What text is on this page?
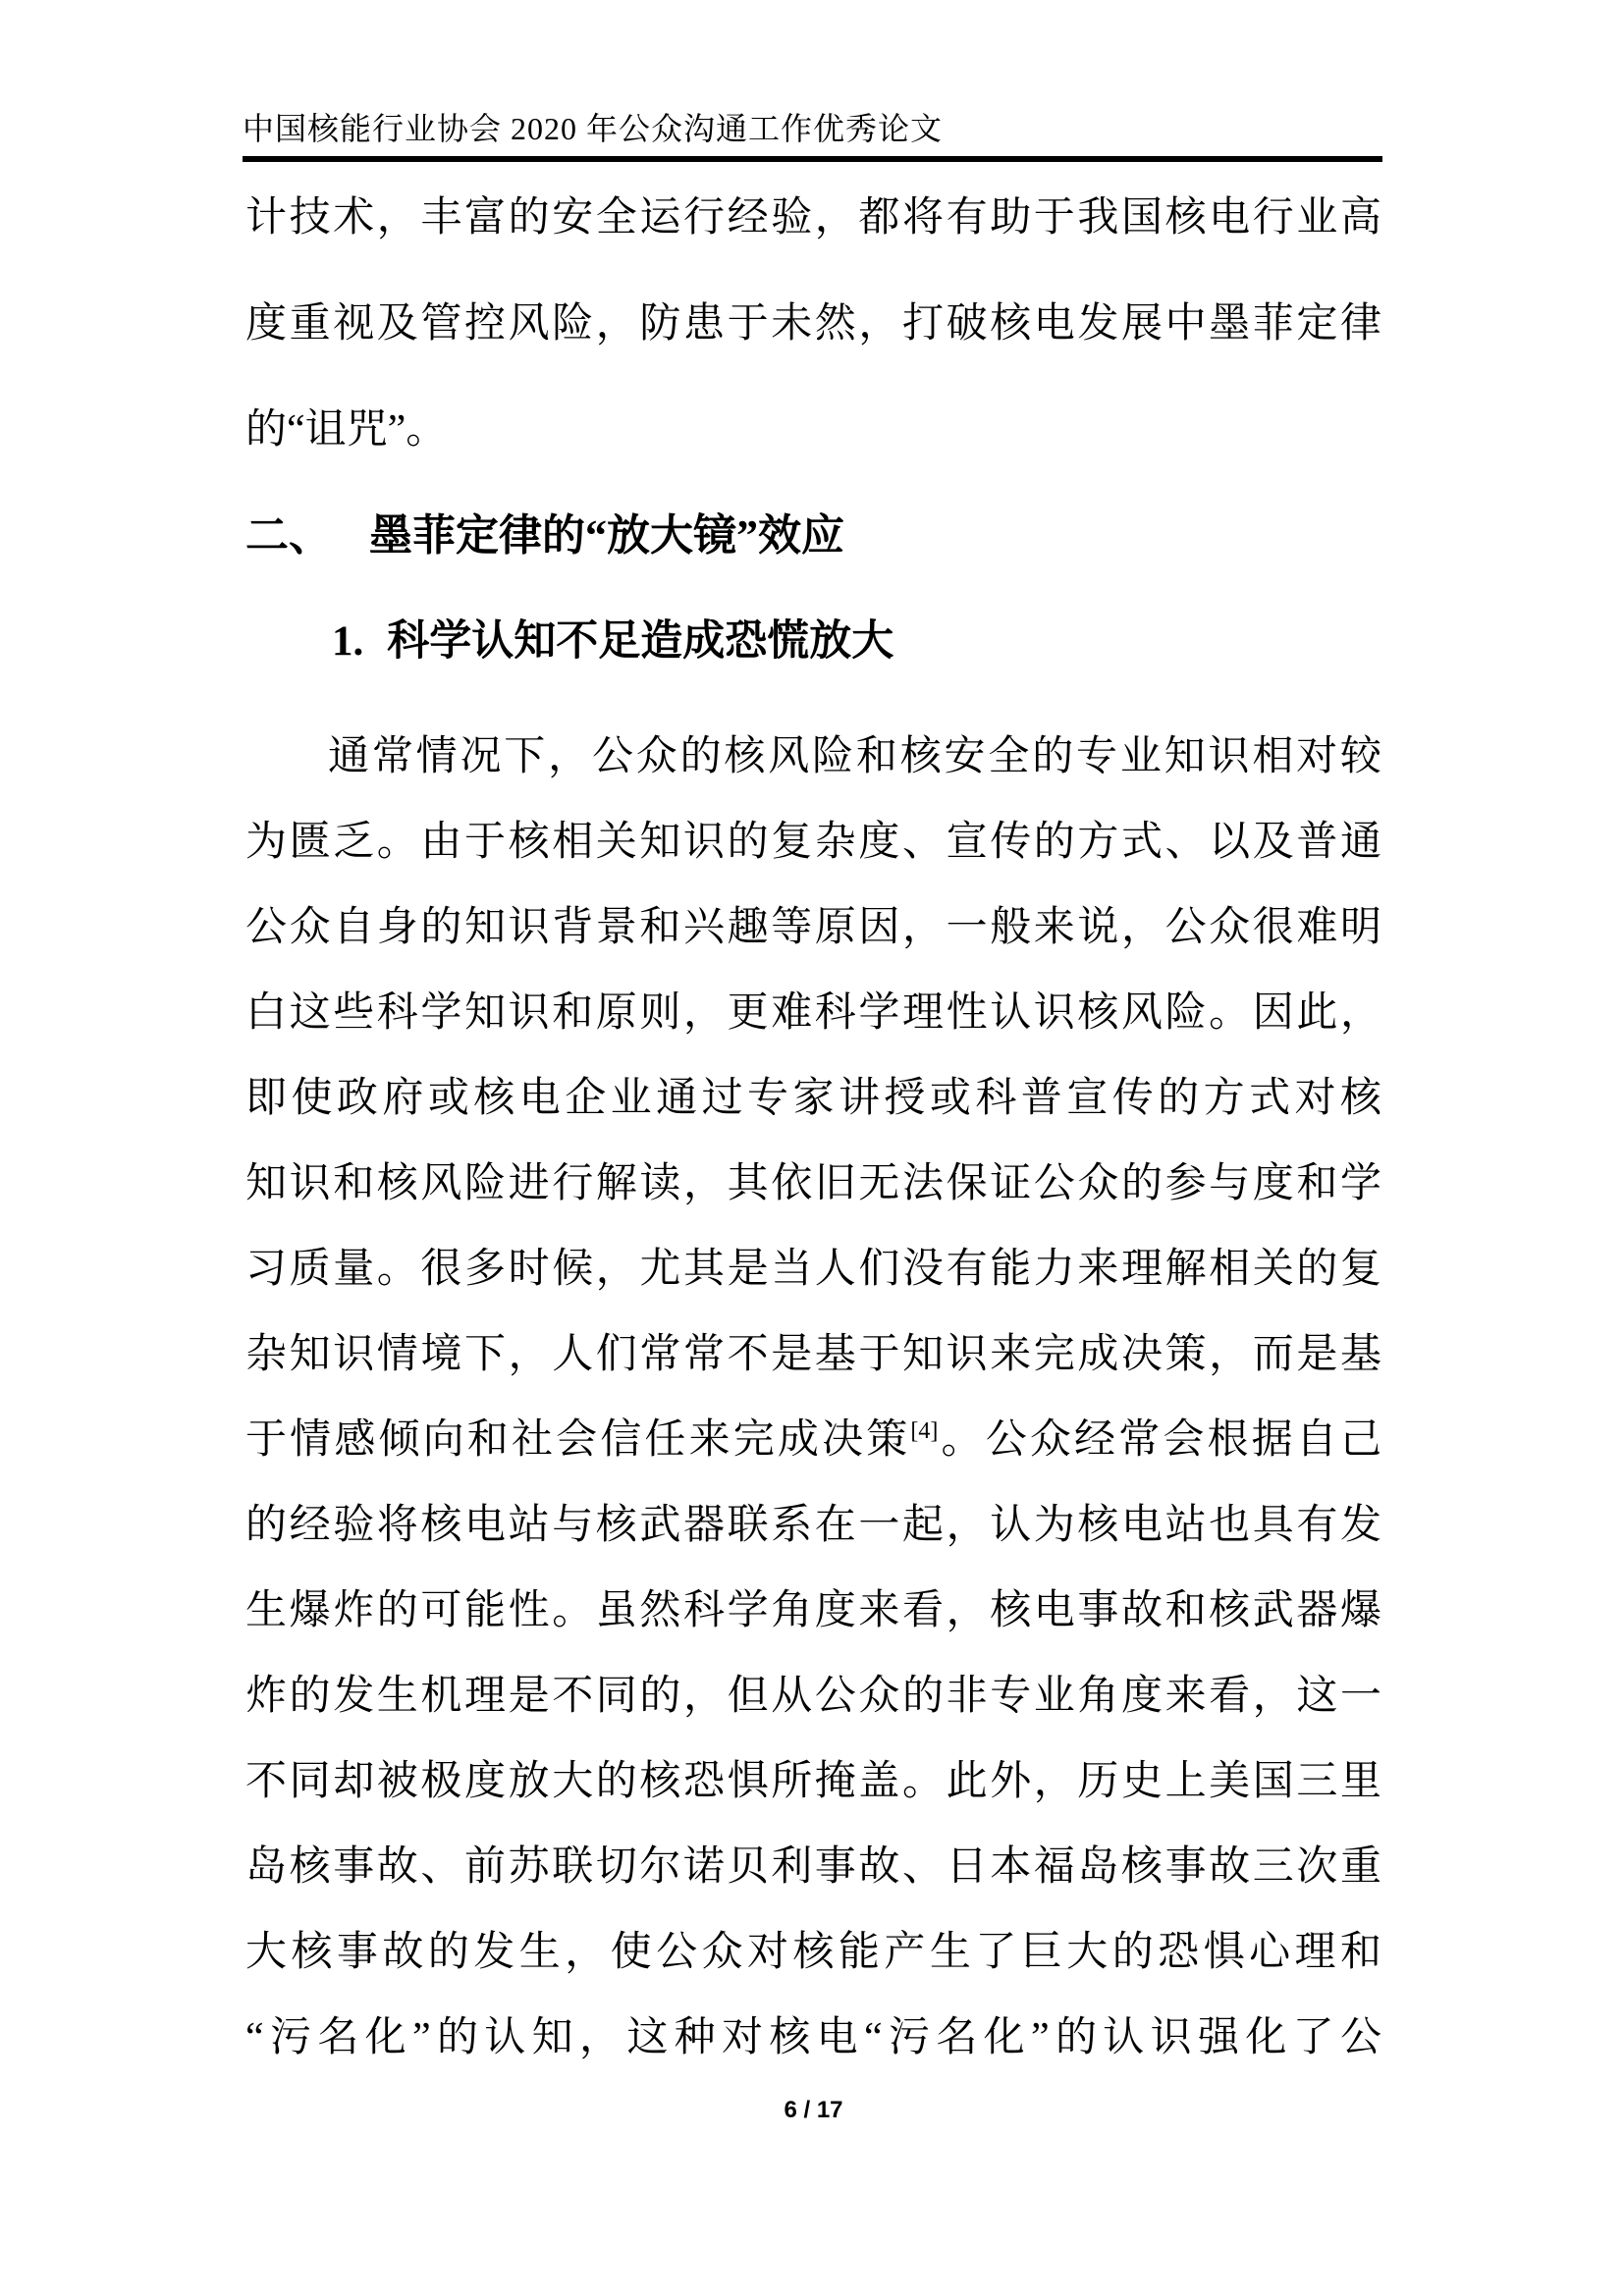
中国核能行业协会 2020 年公众沟通工作优秀论文
计技术，丰富的安全运行经验，都将有助于我国核电行业高
度重视及管控风险，防患于未然，打破核电发展中墨菲定律
的“诅咒”。
二、 墨菲定律的“放大镜”效应
1. 科学认知不足造成恐慌放大
通常情况下，公众的核风险和核安全的专业知识相对较
为匮乏。由于核相关知识的复杂度、宣传的方式、以及普通
公众自身的知识背景和兴趣等原因，一般来说，公众很难明
白这些科学知识和原则，更难科学理性认识核风险。因此，
即使政府或核电企业通过专家讲授或科普宣传的方式对核
知识和核风险进行解读，其依旧无法保证公众的参与度和学
习质量。很多时候，尤其是当人们没有能力来理解相关的复
杂知识情境下，人们常常不是基于知识来完成决策，而是基
于情感倾向和社会信任来完成决策[4]。公众经常会根据自己
的经验将核电站与核武器联系在一起，认为核电站也具有发
生爆炸的可能性。虽然科学角度来看，核电事故和核武器爆
炸的发生机理是不同的，但从公众的非专业角度来看，这一
不同却被极度放大的核恐惧所掩盖。此外，历史上美国三里
岛核事故、前苏联切尔诺贝利事故、日本福岛核事故三次重
大核事故的发生，使公众对核能产生了巨大的恐惧心理和
“污名化”的认知，这种对核电“污名化”的认识强化了公
6 / 17
